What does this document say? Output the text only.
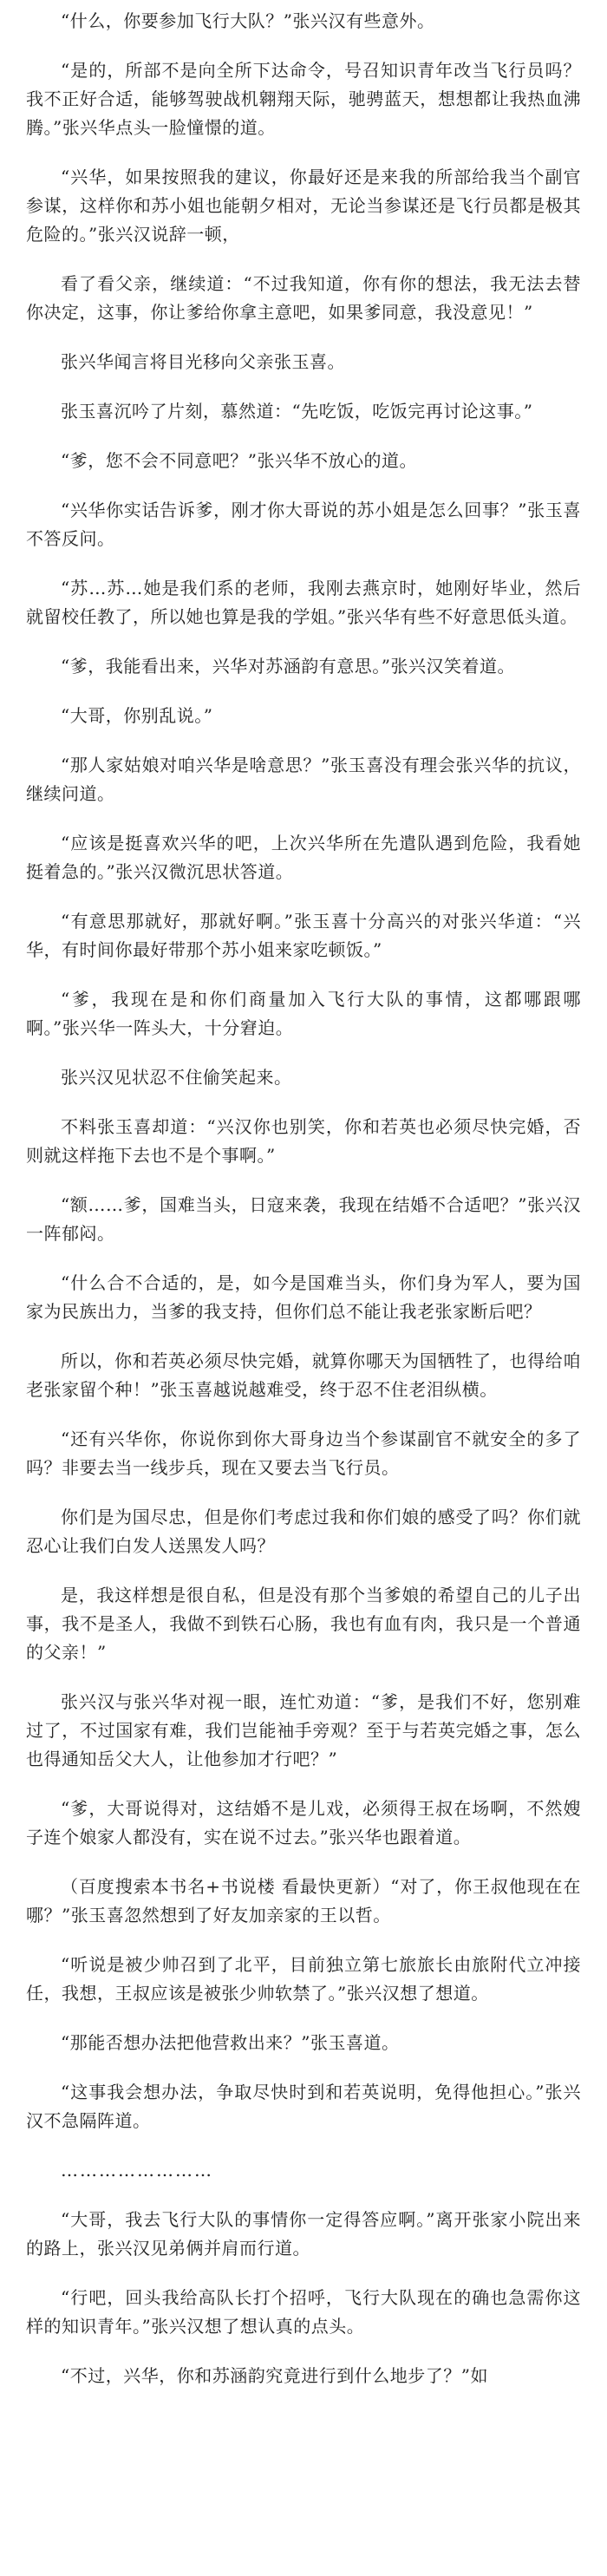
“什么，你要参加飞行大队？”张兴汉有些意外。

“是的，所部不是向全所下达命令，号召知识青年改当飞行员吗？我不正好合适，能够驾驶战机翱翔天际，驰骋蓝天，想想都让我热血沸腾。”张兴华点头一脸憧憬的道。

“兴华，如果按照我的建议，你最好还是来我的所部给我当个副官参谋，这样你和苏小姐也能朝夕相对，无论当参谋还是飞行员都是极其危险的。”张兴汉说辞一顿，

看了看父亲，继续道：“不过我知道，你有你的想法，我无法去替你决定，这事，你让爹给你拿主意吧，如果爹同意，我没意见！”

张兴华闻言将目光移向父亲张玉喜。

张玉喜沉吟了片刻，慕然道：“先吃饭，吃饭完再讨论这事。”

“爹，您不会不同意吧？”张兴华不放心的道。

“兴华你实话告诉爹，刚才你大哥说的苏小姐是怎么回事？”张玉喜不答反问。

“苏…苏…她是我们系的老师，我刚去燕京时，她刚好毕业，然后就留校任教了，所以她也算是我的学姐。”张兴华有些不好意思低头道。

“爹，我能看出来，兴华对苏涵韵有意思。”张兴汉笑着道。

“大哥，你别乱说。”

“那人家姑娘对咱兴华是啥意思？”张玉喜没有理会张兴华的抗议，继续问道。

“应该是挺喜欢兴华的吧，上次兴华所在先遣队遇到危险，我看她挺着急的。”张兴汉微沉思状答道。

“有意思那就好，那就好啊。”张玉喜十分高兴的对张兴华道：“兴华，有时间你最好带那个苏小姐来家吃顿饭。”

“爹，我现在是和你们商量加入飞行大队的事情，这都哪跟哪啊。”张兴华一阵头大，十分窘迫。

张兴汉见状忍不住偷笑起来。

不料张玉喜却道：“兴汉你也别笑，你和若英也必须尽快完婚，否则就这样拖下去也不是个事啊。”

“额……爹，国难当头，日寇来袭，我现在结婚不合适吧？”张兴汉一阵郁闷。

“什么合不合适的，是，如今是国难当头，你们身为军人，要为国家为民族出力，当爹的我支持，但你们总不能让我老张家断后吧？

所以，你和若英必须尽快完婚，就算你哪天为国牺牲了，也得给咱老张家留个种！”张玉喜越说越难受，终于忍不住老泪纵横。

“还有兴华你，你说你到你大哥身边当个参谋副官不就安全的多了吗？非要去当一线步兵，现在又要去当飞行员。

你们是为国尽忠，但是你们考虑过我和你们娘的感受了吗？你们就忍心让我们白发人送黑发人吗？

是，我这样想是很自私，但是没有那个当爹娘的希望自己的儿子出事，我不是圣人，我做不到铁石心肠，我也有血有肉，我只是一个普通的父亲！”

张兴汉与张兴华对视一眼，连忙劝道：“爹，是我们不好，您别难过了，不过国家有难，我们岂能袖手旁观？至于与若英完婚之事，怎么也得通知岳父大人，让他参加才行吧？”

“爹，大哥说得对，这结婚不是儿戏，必须得王叔在场啊，不然嫂子连个娘家人都没有，实在说不过去。”张兴华也跟着道。

（百度搜索本书名+书说楼 看最快更新）“对了，你王叔他现在在哪？”张玉喜忽然想到了好友加亲家的王以哲。

“听说是被少帅召到了北平，目前独立第七旅旅长由旅附代立冲接任，我想，王叔应该是被张少帅软禁了。”张兴汉想了想道。

“那能否想办法把他营救出来？”张玉喜道。

“这事我会想办法，争取尽快时到和若英说明，免得他担心。”张兴汉不急隔阵道。

……………………

“大哥，我去飞行大队的事情你一定得答应啊。”离开张家小院出来的路上，张兴汉见弟俩并肩而行道。

“行吧，回头我给高队长打个招呼，飞行大队现在的确也急需你这样的知识青年。”张兴汉想了想认真的点头。

“不过，兴华，你和苏涵韵究竟进行到什么地步了？”如
